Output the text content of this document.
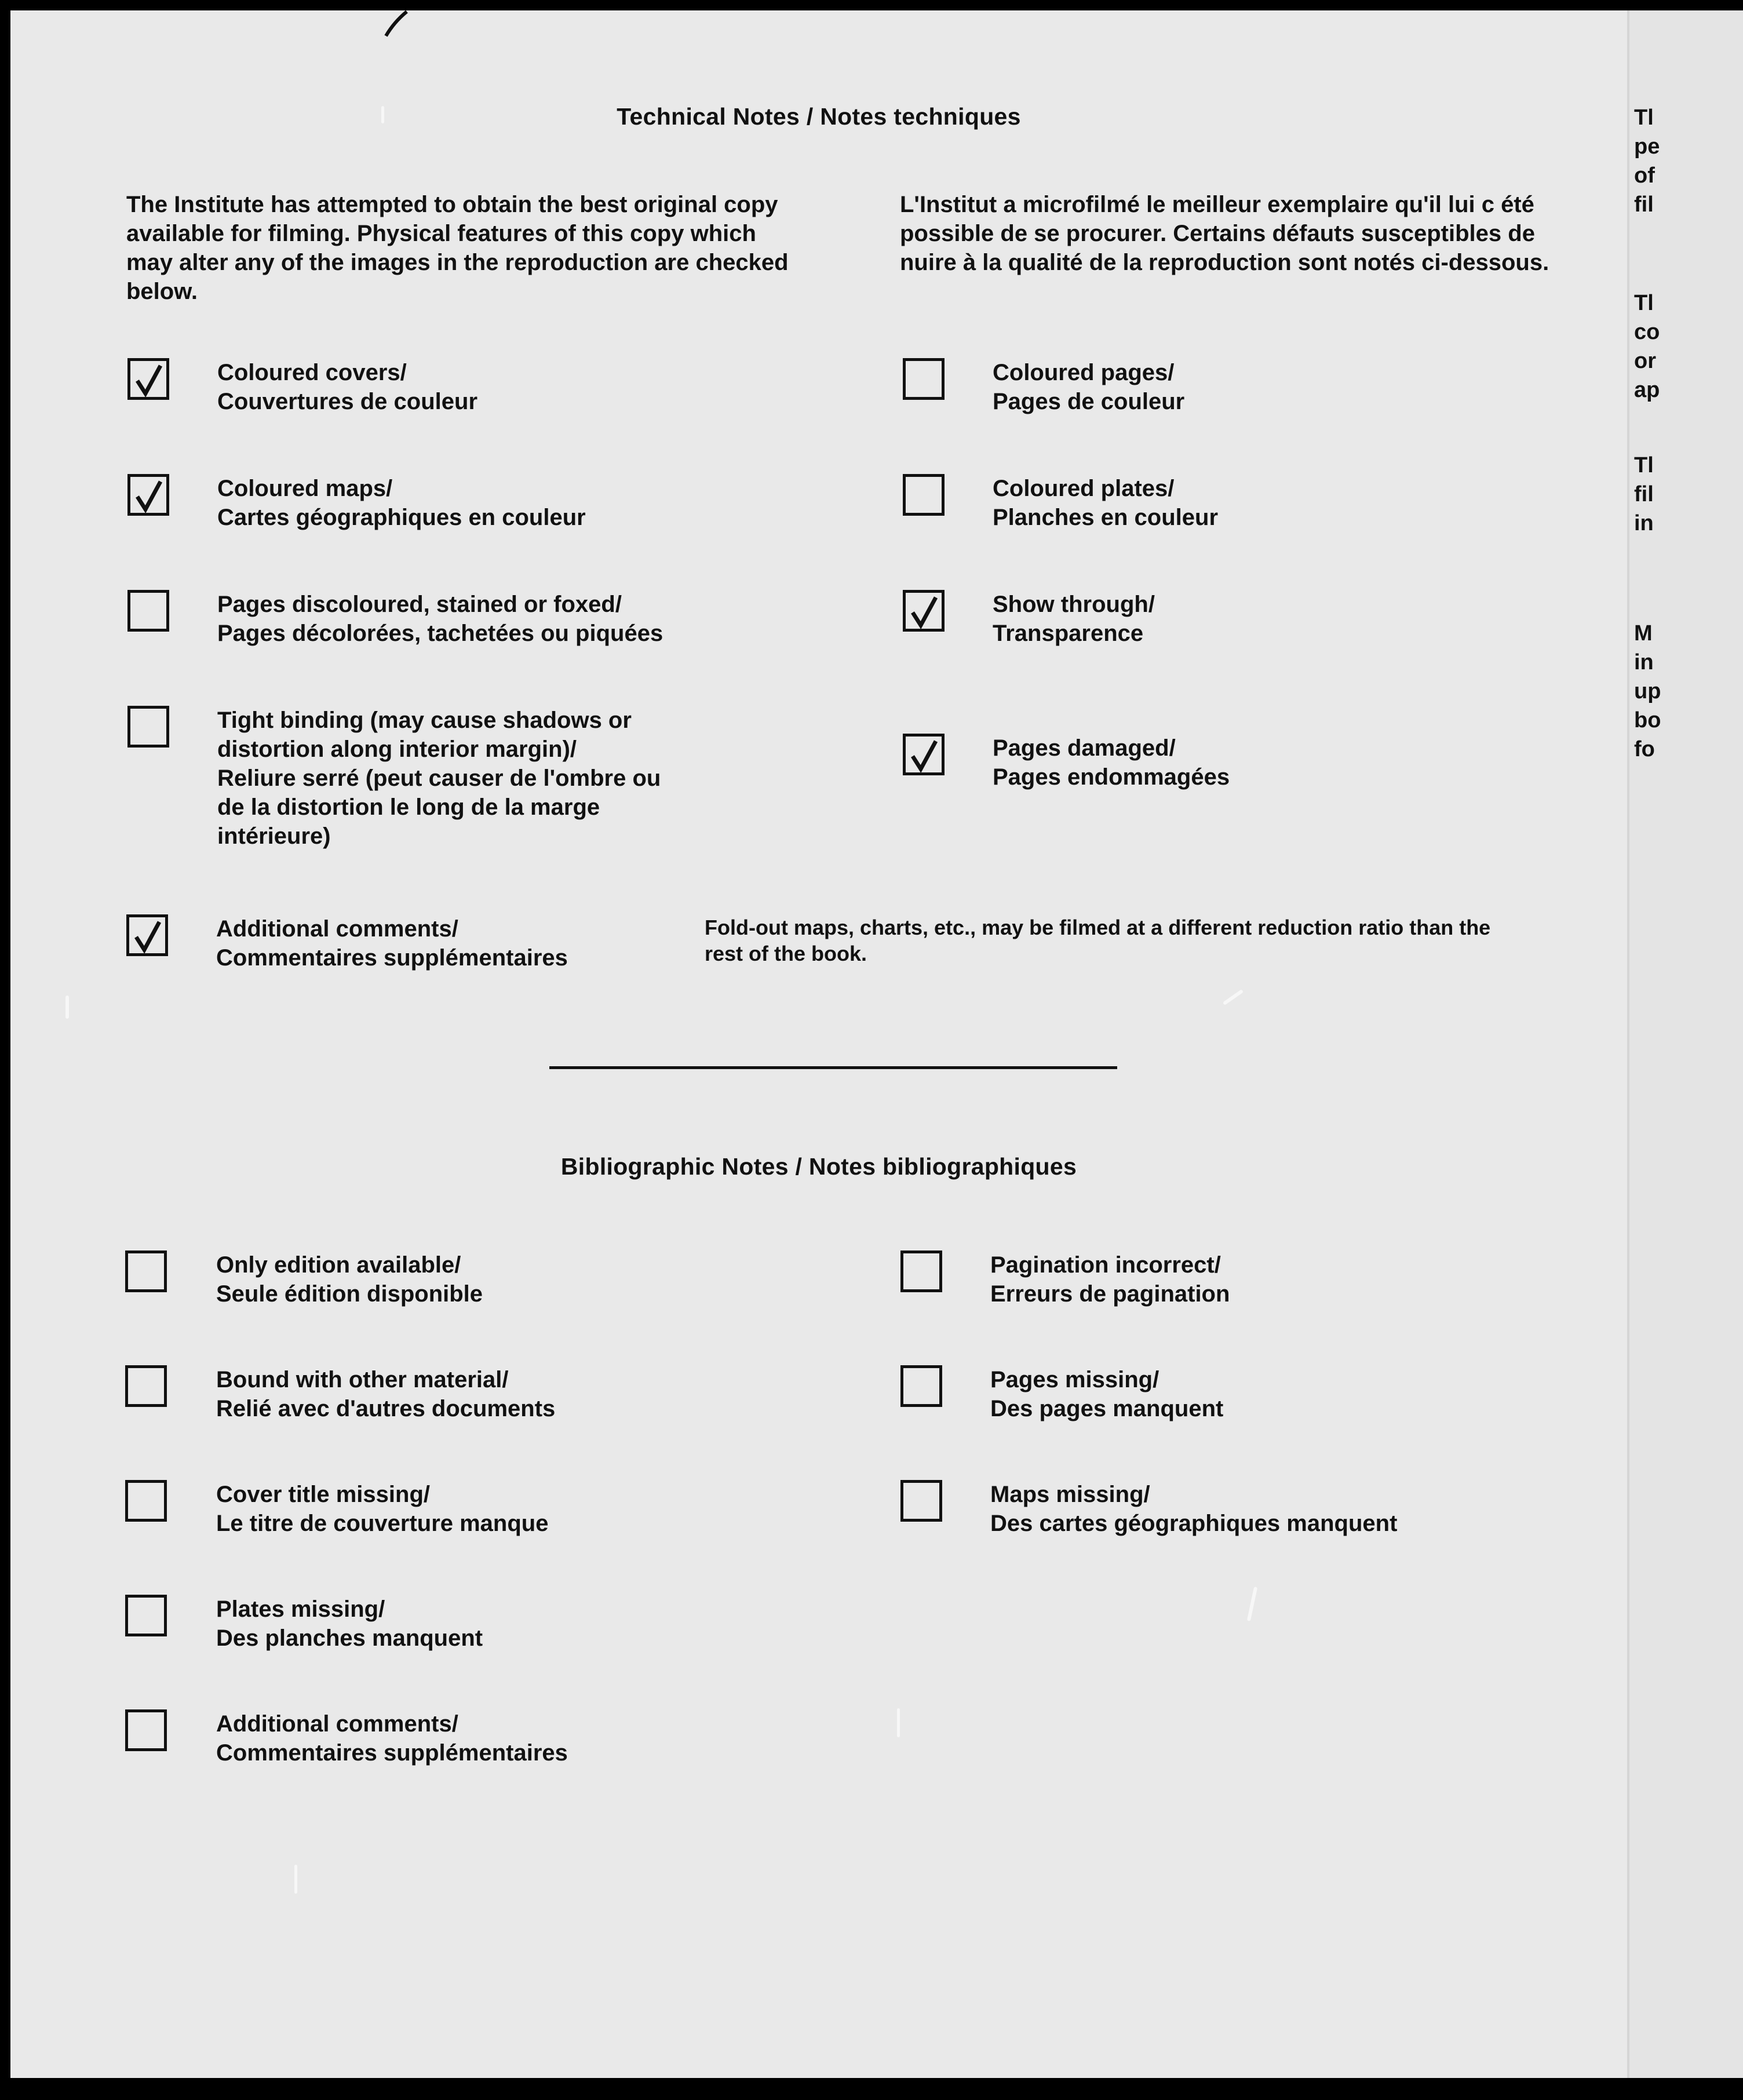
Technical Notes / Notes techniques
The Institute has attempted to obtain the best original copy available for filming. Physical features of this copy which may alter any of the images in the reproduction are checked below.
L'Institut a microfilmé le meilleur exemplaire qu'il lui c été possible de se procurer. Certains défauts susceptibles de nuire à la qualité de la reproduction sont notés ci-dessous.
Coloured covers/
Couvertures de couleur
Coloured maps/
Cartes géographiques en couleur
Pages discoloured, stained or foxed/
Pages décolorées, tachetées ou piquées
Tight binding (may cause shadows or
distortion along interior margin)/
Reliure serré (peut causer de l'ombre ou
de la distortion le long de la marge
intérieure)
Coloured pages/
Pages de couleur
Coloured plates/
Planches en couleur
Show through/
Transparence
Pages damaged/
Pages endommagées
Additional comments/
Commentaires supplémentaires
Fold-out maps, charts, etc., may be filmed at a different reduction ratio than the rest of the book.
Bibliographic Notes / Notes bibliographiques
Only edition available/
Seule édition disponible
Bound with other material/
Relié avec d'autres documents
Cover title missing/
Le titre de couverture manque
Plates missing/
Des planches manquent
Additional comments/
Commentaires supplémentaires
Pagination incorrect/
Erreurs de pagination
Pages missing/
Des pages manquent
Maps missing/
Des cartes géographiques manquent
Tl
pe
of
fil
Tl
co
or
ap
Tl
fil
in
M
in
up
bo
fo
